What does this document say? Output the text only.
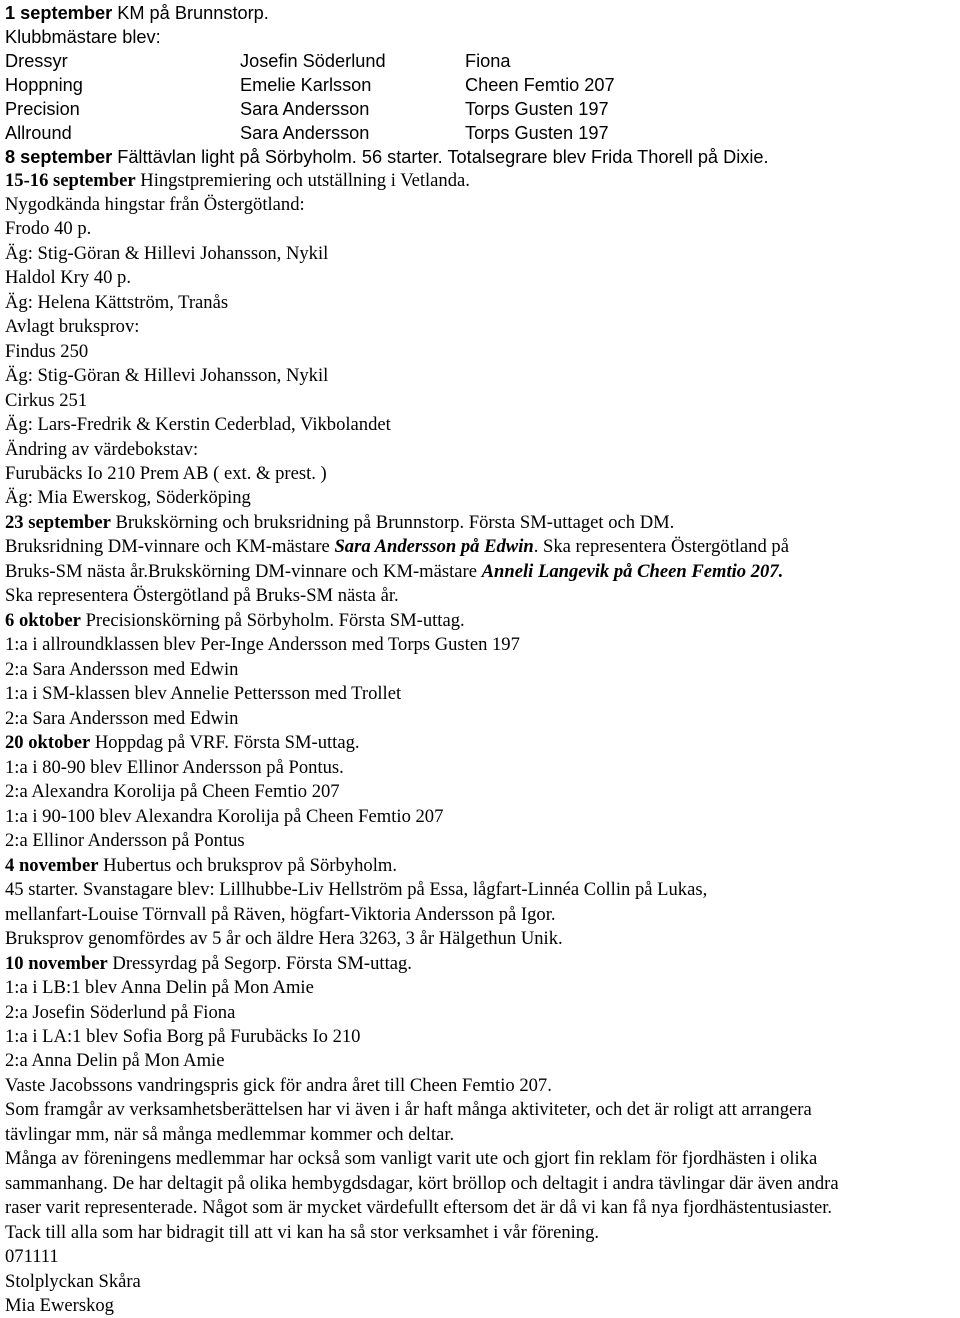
1 september KM på Brunnstorp.
Klubbmästare blev:
Dressyr	Josefin Söderlund	Fiona
Hoppning	Emelie Karlsson	Cheen Femtio 207
Precision	Sara Andersson	Torps Gusten 197
Allround	Sara Andersson	Torps Gusten 197
8 september Fälttävlan light på Sörbyholm. 56 starter. Totalsegrare blev Frida Thorell på Dixie.
15-16 september Hingstpremiering och utställning i Vetlanda.
Nygodkända hingstar från Östergötland:
Frodo 40 p.
Äg: Stig-Göran & Hillevi Johansson, Nykil
Haldol Kry 40 p.
Äg: Helena Kättström, Tranås
Avlagt bruksprov:
Findus 250
Äg: Stig-Göran & Hillevi Johansson, Nykil
Cirkus 251
Äg: Lars-Fredrik & Kerstin Cederblad, Vikbolandet
Ändring av värdebokstav:
Furubäcks Io 210 Prem AB ( ext. & prest. )
Äg: Mia Ewerskog, Söderköping
23 september Brukskörning och bruksridning på Brunnstorp. Första SM-uttaget och DM.
Bruksridning DM-vinnare och KM-mästare Sara Andersson på Edwin. Ska representera Östergötland på
Bruks-SM nästa år.Brukskörning DM-vinnare och KM-mästare Anneli Langevik på Cheen Femtio 207.
Ska representera Östergötland på Bruks-SM nästa år.
6 oktober Precisionskörning på Sörbyholm. Första SM-uttag.
1:a i allroundklassen blev Per-Inge Andersson med Torps Gusten 197
2:a Sara Andersson med Edwin
1:a i SM-klassen blev Annelie Pettersson med Trollet
2:a Sara Andersson med Edwin
20 oktober Hoppdag på VRF. Första SM-uttag.
1:a i 80-90 blev Ellinor Andersson på Pontus.
2:a Alexandra Korolija på Cheen Femtio 207
1:a i 90-100 blev Alexandra Korolija på Cheen Femtio 207
2:a Ellinor Andersson på Pontus
4 november Hubertus och bruksprov på Sörbyholm.
45 starter. Svanstagare blev: Lillhubbe-Liv Hellström på Essa, lågfart-Linnéa Collin på Lukas,
mellanfart-Louise Törnvall på Räven, högfart-Viktoria Andersson på Igor.
Bruksprov genomfördes av 5 år och äldre Hera 3263, 3 år Hälgethun Unik.
10 november Dressyrdag på Segorp. Första SM-uttag.
1:a i LB:1 blev Anna Delin på Mon Amie
2:a Josefin Söderlund på Fiona
1:a i LA:1 blev Sofia Borg på Furubäcks Io 210
2:a Anna Delin på Mon Amie
Vaste Jacobssons vandringspris gick för andra året till Cheen Femtio 207.
Som framgår av verksamhetsberättelsen har vi även i år haft många aktiviteter, och det är roligt att arrangera
tävlingar mm, när så många medlemmar kommer och deltar.
Många av föreningens medlemmar har också som vanligt varit ute och gjort fin reklam för fjordhästen i olika
sammanhang. De har deltagit på olika hembygdsdagar, kört bröllop och deltagit i andra tävlingar där även andra
raser varit representerade. Något som är mycket värdefullt eftersom det är då vi kan få nya fjordhästentusiaster.
Tack till alla som har bidragit till att vi kan ha så stor verksamhet i vår förening.
071111
Stolplyckan Skåra
Mia Ewerskog
